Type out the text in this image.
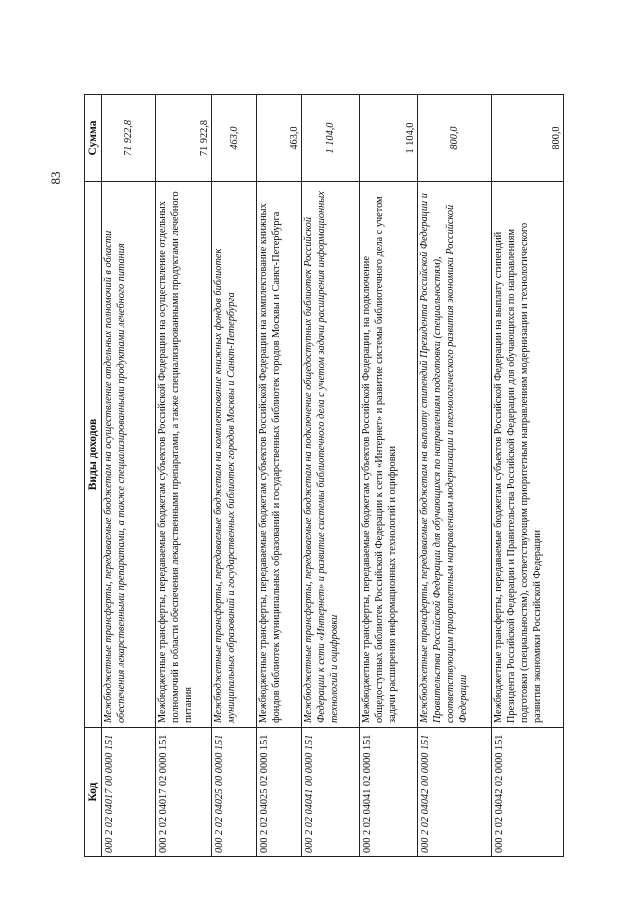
83
Код	Виды доходов	Сумма
000 2 02 04017 00 0000 151	Межбюджетные трансферты, передаваемые бюджетам на осуществление отдельных полномочий в области обеспечения лекарственными препаратами, а также специализированными продуктами лечебного питания	71 922,8
000 2 02 04017 02 0000 151	Межбюджетные трансферты, передаваемые бюджетам субъектов Российской Федерации на осуществление отдельных полномочий в области обеспечения лекарственными препаратами, а также специализированными продуктами лечебного питания	71 922,8
000 2 02 04025 00 0000 151	Межбюджетные трансферты, передаваемые бюджетам на комплектование книжных фондов библиотек муниципальных образований и государственных библиотек городов Москвы и Санкт-Петербурга	463,0
000 2 02 04025 02 0000 151	Межбюджетные трансферты, передаваемые бюджетам субъектов Российской Федерации на комплектование книжных фондов библиотек муниципальных образований и государственных библиотек городов Москвы и Санкт-Петербурга	463,0
000 2 02 04041 00 0000 151	Межбюджетные трансферты, передаваемые бюджетам на подключение общедоступных библиотек Российской Федерации к сети «Интернет» и развитие системы библиотечного дела с учетом задачи расширения информационных технологий и оцифровки	1 104,0
000 2 02 04041 02 0000 151	Межбюджетные трансферты, передаваемые бюджетам субъектов Российской Федерации, на подключение общедоступных библиотек Российской Федерации к сети «Интернет» и развитие системы библиотечного дела с учетом задачи расширения информационных технологий и оцифровки	1 104,0
000 2 02 04042 00 0000 151	Межбюджетные трансферты, передаваемые бюджетам на выплату стипендий Президента Российской Федерации и Правительства Российской Федерации для обучающихся по направлениям подготовки (специальностям), соответствующим приоритетным направлениям модернизации и технологического развития экономики Российской Федерации	800,0
000 2 02 04042 02 0000 151	Межбюджетные трансферты, передаваемые бюджетам субъектов Российской Федерации на выплату стипендий Президента Российской Федерации и Правительства Российской Федерации для обучающихся по направлениям подготовки (специальностям), соответствующим приоритетным направлениям модернизации и технологического развития экономики Российской Федерации	800,0
